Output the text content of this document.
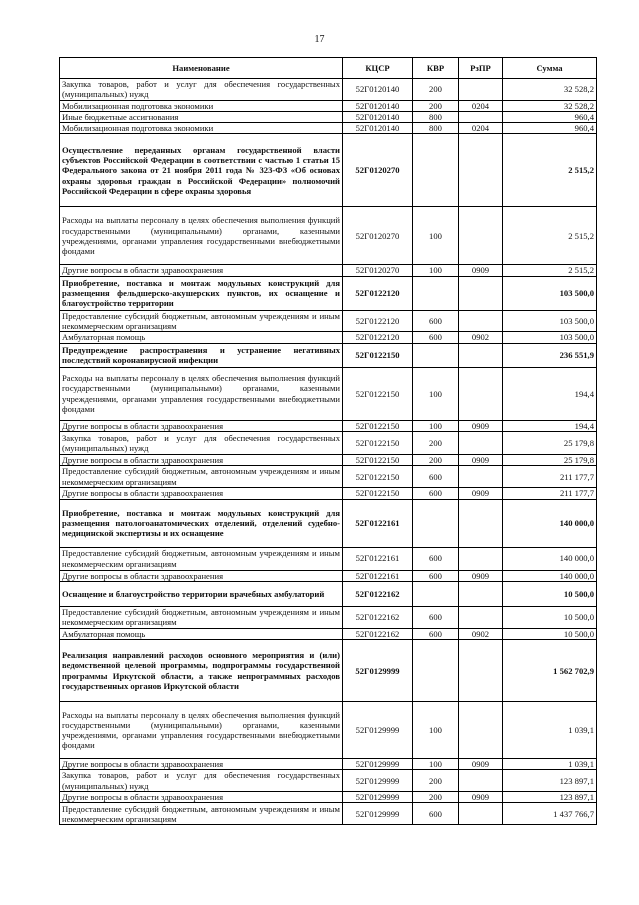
17
Наименование	КЦСР	КВР	РзПР	Сумма
Закупка товаров, работ и услуг для обеспечения государственных (муниципальных) нужд	52Г0120140	200		32 528,2
Мобилизационная подготовка экономики	52Г0120140	200	0204	32 528,2
Иные бюджетные ассигнования	52Г0120140	800		960,4
Мобилизационная подготовка экономики	52Г0120140	800	0204	960,4
Осуществление переданных органам государственной власти субъектов Российской Федерации в соответствии с частью 1 статьи 15 Федерального закона от 21 ноября 2011 года № 323-ФЗ «Об основах охраны здоровья граждан в Российской Федерации» полномочий Российской Федерации в сфере охраны здоровья	52Г0120270			2 515,2
Расходы на выплаты персоналу в целях обеспечения выполнения функций государственными (муниципальными) органами, казенными учреждениями, органами управления государственными внебюджетными фондами	52Г0120270	100		2 515,2
Другие вопросы в области здравоохранения	52Г0120270	100	0909	2 515,2
Приобретение, поставка и монтаж модульных конструкций для размещения фельдшерско-акушерских пунктов, их оснащение и благоустройство территории	52Г0122120			103 500,0
Предоставление субсидий бюджетным, автономным учреждениям и иным некоммерческим организациям	52Г0122120	600		103 500,0
Амбулаторная помощь	52Г0122120	600	0902	103 500,0
Предупреждение распространения и устранение негативных последствий коронавирусной инфекции	52Г0122150			236 551,9
Расходы на выплаты персоналу в целях обеспечения выполнения функций государственными (муниципальными) органами, казенными учреждениями, органами управления государственными внебюджетными фондами	52Г0122150	100		194,4
Другие вопросы в области здравоохранения	52Г0122150	100	0909	194,4
Закупка товаров, работ и услуг для обеспечения государственных (муниципальных) нужд	52Г0122150	200		25 179,8
Другие вопросы в области здравоохранения	52Г0122150	200	0909	25 179,8
Предоставление субсидий бюджетным, автономным учреждениям и иным некоммерческим организациям	52Г0122150	600		211 177,7
Другие вопросы в области здравоохранения	52Г0122150	600	0909	211 177,7
Приобретение, поставка и монтаж модульных конструкций для размещения патологоанатомических отделений, отделений судебно-медицинской экспертизы и их оснащение	52Г0122161			140 000,0
Предоставление субсидий бюджетным, автономным учреждениям и иным некоммерческим организациям	52Г0122161	600		140 000,0
Другие вопросы в области здравоохранения	52Г0122161	600	0909	140 000,0
Оснащение и благоустройство территории врачебных амбулаторий	52Г0122162			10 500,0
Предоставление субсидий бюджетным, автономным учреждениям и иным некоммерческим организациям	52Г0122162	600		10 500,0
Амбулаторная помощь	52Г0122162	600	0902	10 500,0
Реализация направлений расходов основного мероприятия и (или) ведомственной целевой программы, подпрограммы государственной программы Иркутской области, а также непрограммных расходов государственных органов Иркутской области	52Г0129999			1 562 702,9
Расходы на выплаты персоналу в целях обеспечения выполнения функций государственными (муниципальными) органами, казенными учреждениями, органами управления государственными внебюджетными фондами	52Г0129999	100		1 039,1
Другие вопросы в области здравоохранения	52Г0129999	100	0909	1 039,1
Закупка товаров, работ и услуг для обеспечения государственных (муниципальных) нужд	52Г0129999	200		123 897,1
Другие вопросы в области здравоохранения	52Г0129999	200	0909	123 897,1
Предоставление субсидий бюджетным, автономным учреждениям и иным некоммерческим организациям	52Г0129999	600		1 437 766,7
